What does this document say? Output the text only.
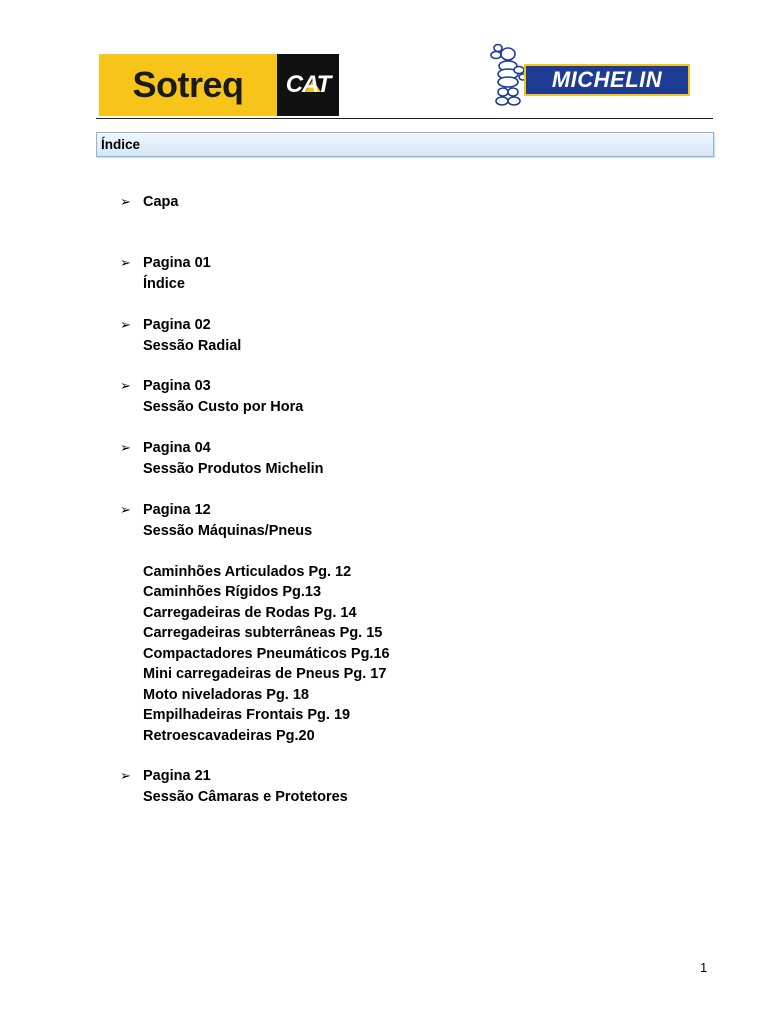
Sotreq CAT	MICHELIN
Índice
➢ Capa
➢ Pagina 01
Índice
➢ Pagina 02
Sessão Radial
➢ Pagina 03
Sessão Custo por Hora
➢ Pagina 04
Sessão Produtos Michelin
➢ Pagina 12
Sessão Máquinas/Pneus
Caminhões Articulados Pg. 12
Caminhões Rígidos Pg.13
Carregadeiras de Rodas Pg. 14
Carregadeiras subterrâneas Pg. 15
Compactadores Pneumáticos Pg.16
Mini carregadeiras de Pneus Pg. 17
Moto niveladoras Pg. 18
Empilhadeiras Frontais Pg. 19
Retroescavadeiras Pg.20
➢ Pagina 21
Sessão Câmaras e Protetores
1
